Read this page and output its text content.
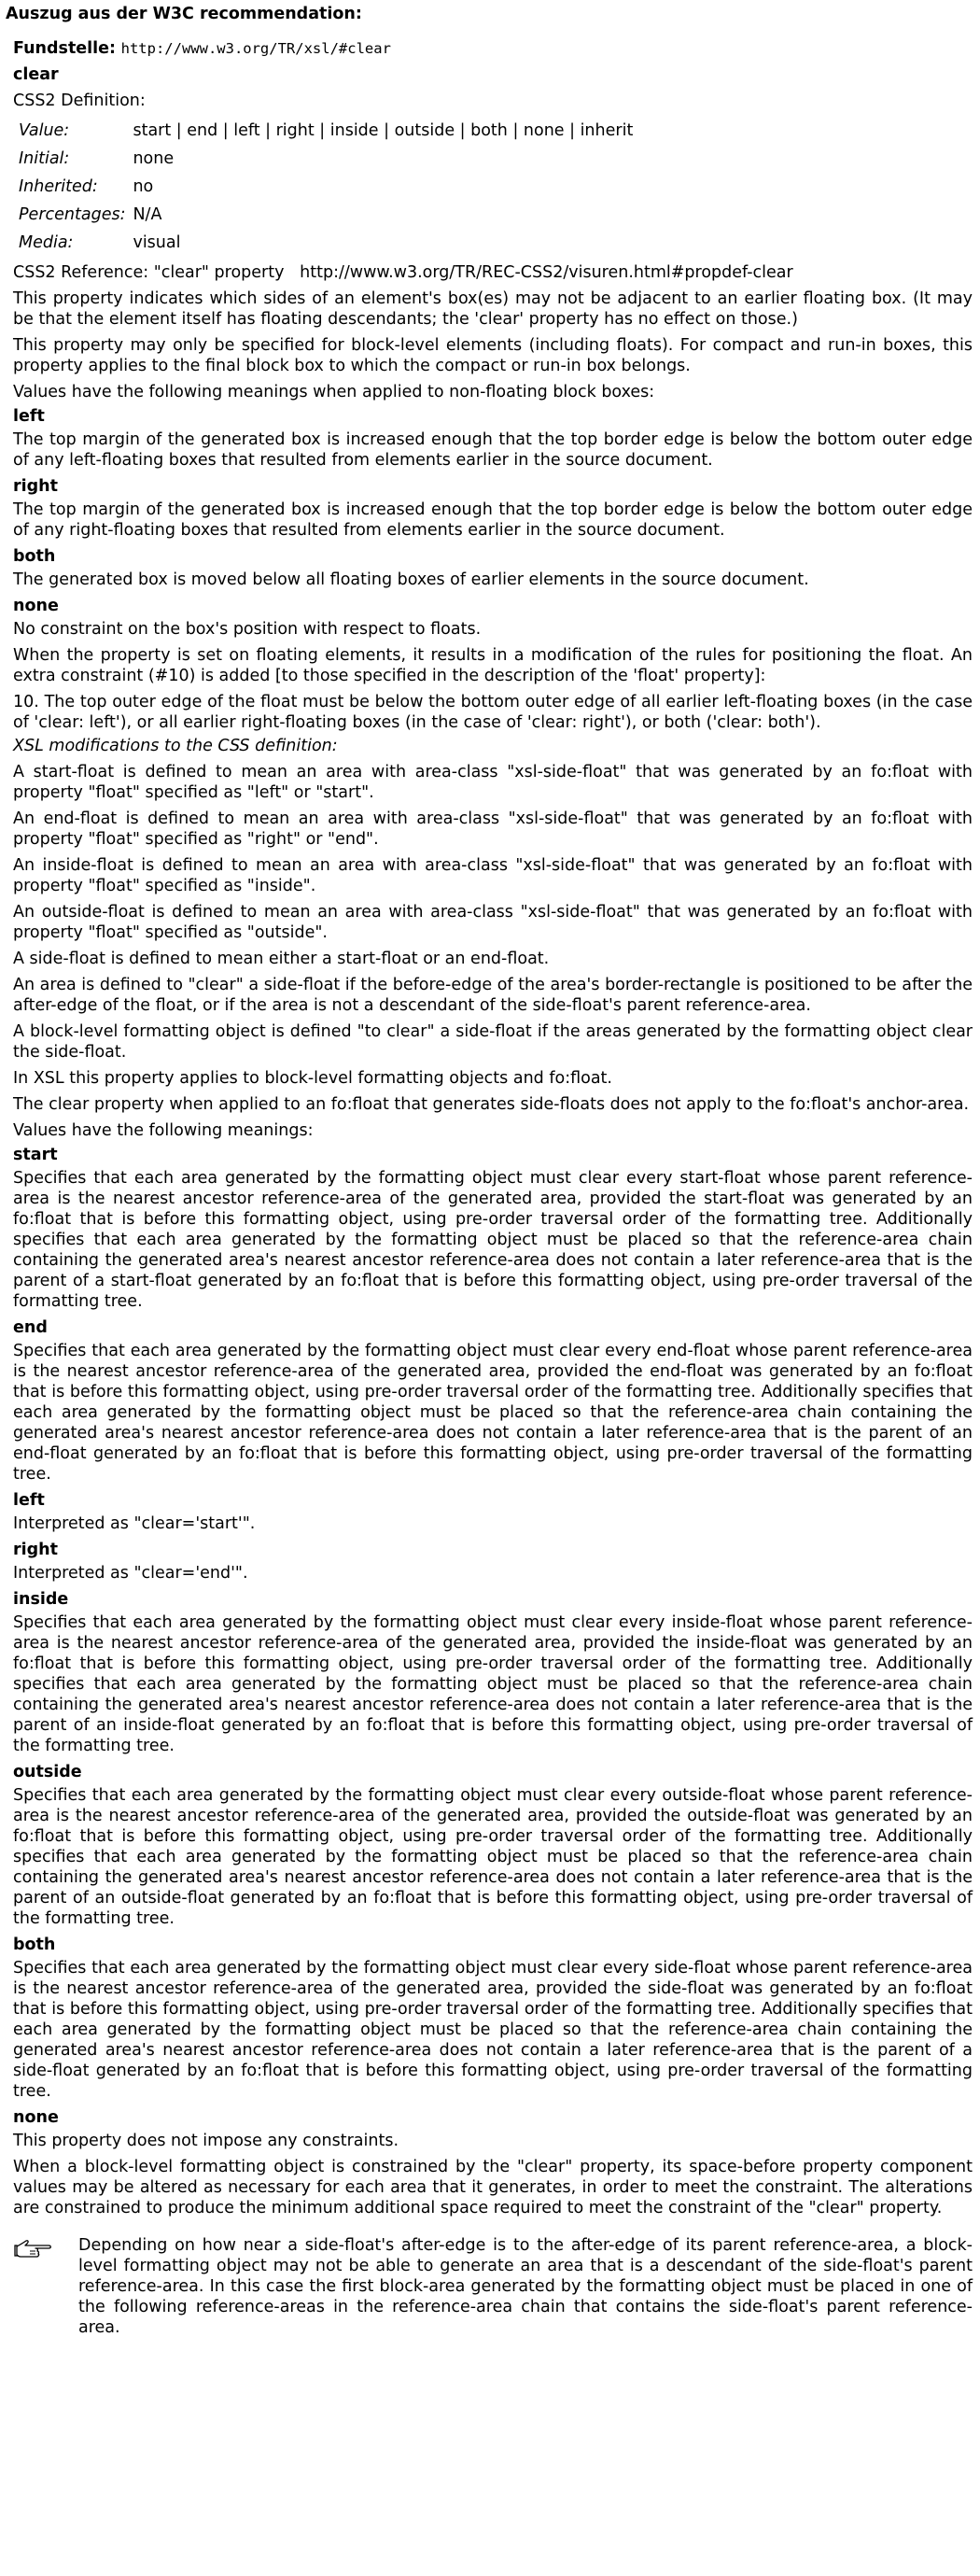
Auszug aus der W3C recommendation:
Fundstelle: http://www.w3.org/TR/xsl/#clear
clear
CSS2 Definition:
Value:	start | end | left | right | inside | outside | both | none | inherit
Initial:	none
Inherited:	no
Percentages:	N/A
Media:	visual
CSS2 Reference: "clear" property http://www.w3.org/TR/REC-CSS2/visuren.html#propdef-clear
This property indicates which sides of an element's box(es) may not be adjacent to an earlier floating box. (It may be that the element itself has floating descendants; the 'clear' property has no effect on those.)
This property may only be specified for block-level elements (including floats). For compact and run-in boxes, this property applies to the final block box to which the compact or run-in box belongs.
Values have the following meanings when applied to non-floating block boxes:
left
The top margin of the generated box is increased enough that the top border edge is below the bottom outer edge of any left-floating boxes that resulted from elements earlier in the source document.
right
The top margin of the generated box is increased enough that the top border edge is below the bottom outer edge of any right-floating boxes that resulted from elements earlier in the source document.
both
The generated box is moved below all floating boxes of earlier elements in the source document.
none
No constraint on the box's position with respect to floats.
When the property is set on floating elements, it results in a modification of the rules for positioning the float. An extra constraint (#10) is added [to those specified in the description of the 'float' property]:
10. The top outer edge of the float must be below the bottom outer edge of all earlier left-floating boxes (in the case of 'clear: left'), or all earlier right-floating boxes (in the case of 'clear: right'), or both ('clear: both').
XSL modifications to the CSS definition:
A start-float is defined to mean an area with area-class "xsl-side-float" that was generated by an fo:float with property "float" specified as "left" or "start".
An end-float is defined to mean an area with area-class "xsl-side-float" that was generated by an fo:float with property "float" specified as "right" or "end".
An inside-float is defined to mean an area with area-class "xsl-side-float" that was generated by an fo:float with property "float" specified as "inside".
An outside-float is defined to mean an area with area-class "xsl-side-float" that was generated by an fo:float with property "float" specified as "outside".
A side-float is defined to mean either a start-float or an end-float.
An area is defined to "clear" a side-float if the before-edge of the area's border-rectangle is positioned to be after the after-edge of the float, or if the area is not a descendant of the side-float's parent reference-area.
A block-level formatting object is defined "to clear" a side-float if the areas generated by the formatting object clear the side-float.
In XSL this property applies to block-level formatting objects and fo:float.
The clear property when applied to an fo:float that generates side-floats does not apply to the fo:float's anchor-area.
Values have the following meanings:
start
Specifies that each area generated by the formatting object must clear every start-float whose parent reference-area is the nearest ancestor reference-area of the generated area, provided the start-float was generated by an fo:float that is before this formatting object, using pre-order traversal order of the formatting tree. Additionally specifies that each area generated by the formatting object must be placed so that the reference-area chain containing the generated area's nearest ancestor reference-area does not contain a later reference-area that is the parent of a start-float generated by an fo:float that is before this formatting object, using pre-order traversal of the formatting tree.
end
Specifies that each area generated by the formatting object must clear every end-float whose parent reference-area is the nearest ancestor reference-area of the generated area, provided the end-float was generated by an fo:float that is before this formatting object, using pre-order traversal order of the formatting tree. Additionally specifies that each area generated by the formatting object must be placed so that the reference-area chain containing the generated area's nearest ancestor reference-area does not contain a later reference-area that is the parent of an end-float generated by an fo:float that is before this formatting object, using pre-order traversal of the formatting tree.
left
Interpreted as "clear='start'".
right
Interpreted as "clear='end'".
inside
Specifies that each area generated by the formatting object must clear every inside-float whose parent reference-area is the nearest ancestor reference-area of the generated area, provided the inside-float was generated by an fo:float that is before this formatting object, using pre-order traversal order of the formatting tree. Additionally specifies that each area generated by the formatting object must be placed so that the reference-area chain containing the generated area's nearest ancestor reference-area does not contain a later reference-area that is the parent of an inside-float generated by an fo:float that is before this formatting object, using pre-order traversal of the formatting tree.
outside
Specifies that each area generated by the formatting object must clear every outside-float whose parent reference-area is the nearest ancestor reference-area of the generated area, provided the outside-float was generated by an fo:float that is before this formatting object, using pre-order traversal order of the formatting tree. Additionally specifies that each area generated by the formatting object must be placed so that the reference-area chain containing the generated area's nearest ancestor reference-area does not contain a later reference-area that is the parent of an outside-float generated by an fo:float that is before this formatting object, using pre-order traversal of the formatting tree.
both
Specifies that each area generated by the formatting object must clear every side-float whose parent reference-area is the nearest ancestor reference-area of the generated area, provided the side-float was generated by an fo:float that is before this formatting object, using pre-order traversal order of the formatting tree. Additionally specifies that each area generated by the formatting object must be placed so that the reference-area chain containing the generated area's nearest ancestor reference-area does not contain a later reference-area that is the parent of a side-float generated by an fo:float that is before this formatting object, using pre-order traversal of the formatting tree.
none
This property does not impose any constraints.
When a block-level formatting object is constrained by the "clear" property, its space-before property component values may be altered as necessary for each area that it generates, in order to meet the constraint. The alterations are constrained to produce the minimum additional space required to meet the constraint of the "clear" property.
Depending on how near a side-float's after-edge is to the after-edge of its parent reference-area, a block-level formatting object may not be able to generate an area that is a descendant of the side-float's parent reference-area. In this case the first block-area generated by the formatting object must be placed in one of the following reference-areas in the reference-area chain that contains the side-float's parent reference-area.
